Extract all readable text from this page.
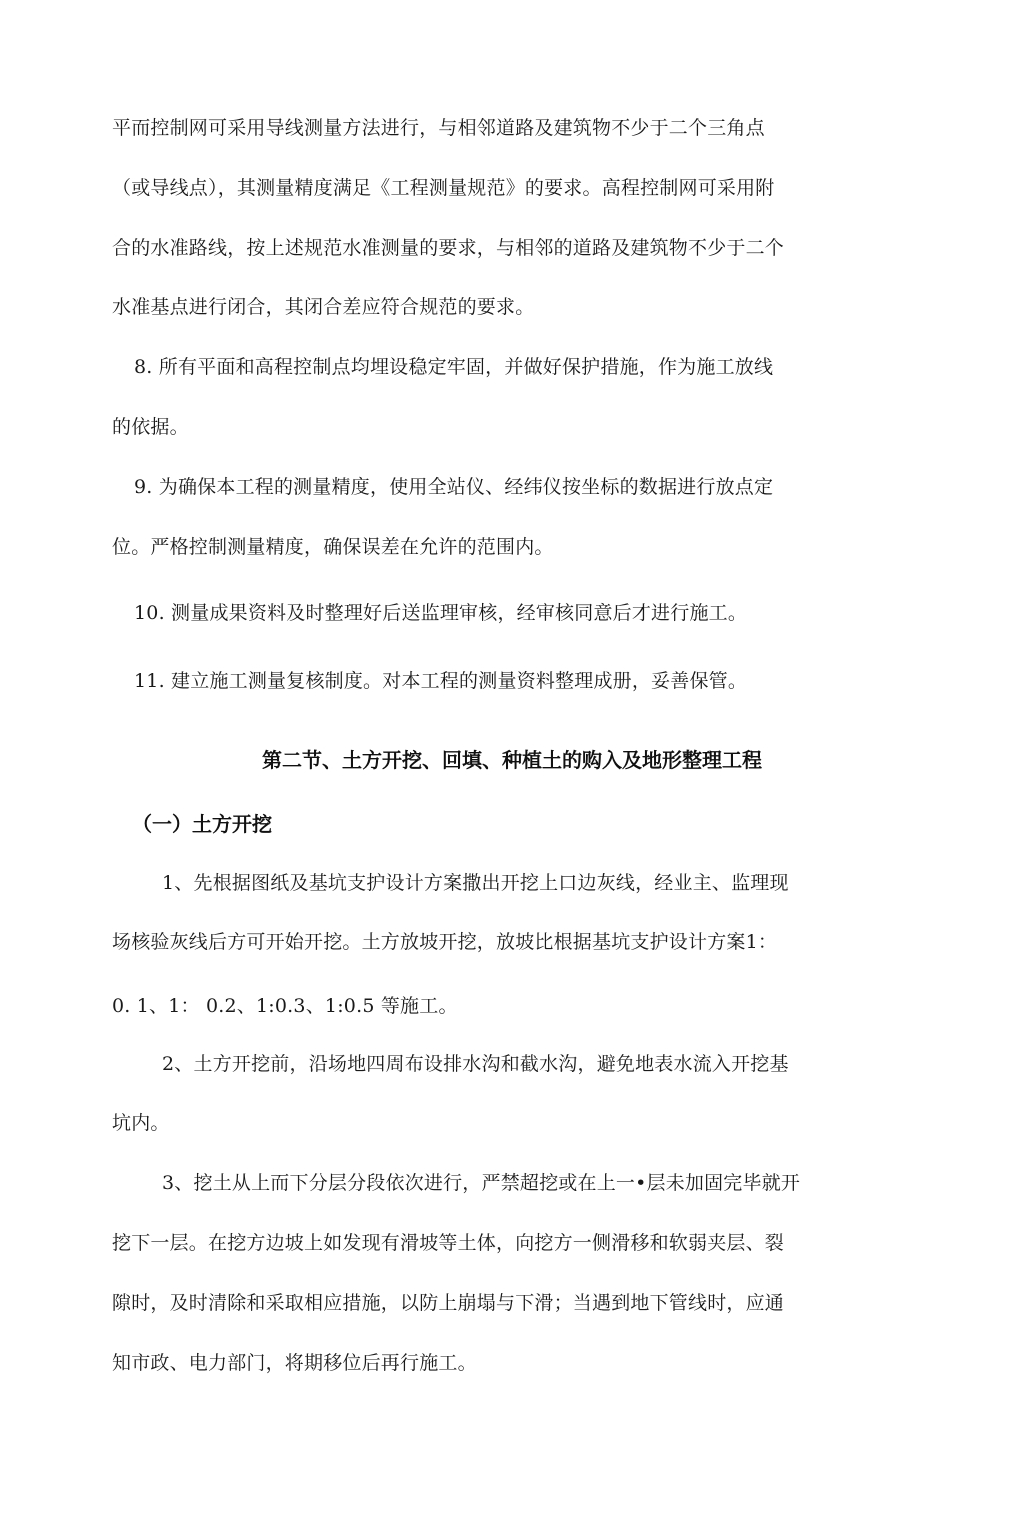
平而控制网可采用导线测量方法进行，与相邻道路及建筑物不少于二个三角点
（或导线点），其测量精度满足《工程测量规范》的要求。高程控制网可采用附
合的水准路线，按上述规范水准测量的要求，与相邻的道路及建筑物不少于二个
水准基点进行闭合，其闭合差应符合规范的要求。
8. 所有平面和高程控制点均埋设稳定牢固，并做好保护措施，作为施工放线
的依据。
9. 为确保本工程的测量精度，使用全站仪、经纬仪按坐标的数据进行放点定
位。严格控制测量精度，确保误差在允许的范围内。
10. 测量成果资料及时整理好后送监理审核，经审核同意后才进行施工。
11. 建立施工测量复核制度。对本工程的测量资料整理成册，妥善保管。
第二节、土方开挖、回填、种植土的购入及地形整理工程
（一）土方开挖
1、先根据图纸及基坑支护设计方案撒出开挖上口边灰线，经业主、监理现
场核验灰线后方可开始开挖。土方放坡开挖，放坡比根据基坑支护设计方案1：
0. 1、1： 0.2、1:0.3、1:0.5 等施工。
2、土方开挖前，沿场地四周布设排水沟和截水沟，避免地表水流入开挖基
坑内。
3、挖土从上而下分层分段依次进行，严禁超挖或在上一•层未加固完毕就开
挖下一层。在挖方边坡上如发现有滑坡等土体，向挖方一侧滑移和软弱夹层、裂
隙时，及时清除和采取相应措施，以防上崩塌与下滑；当遇到地下管线时，应通
知市政、电力部门，将期移位后再行施工。
